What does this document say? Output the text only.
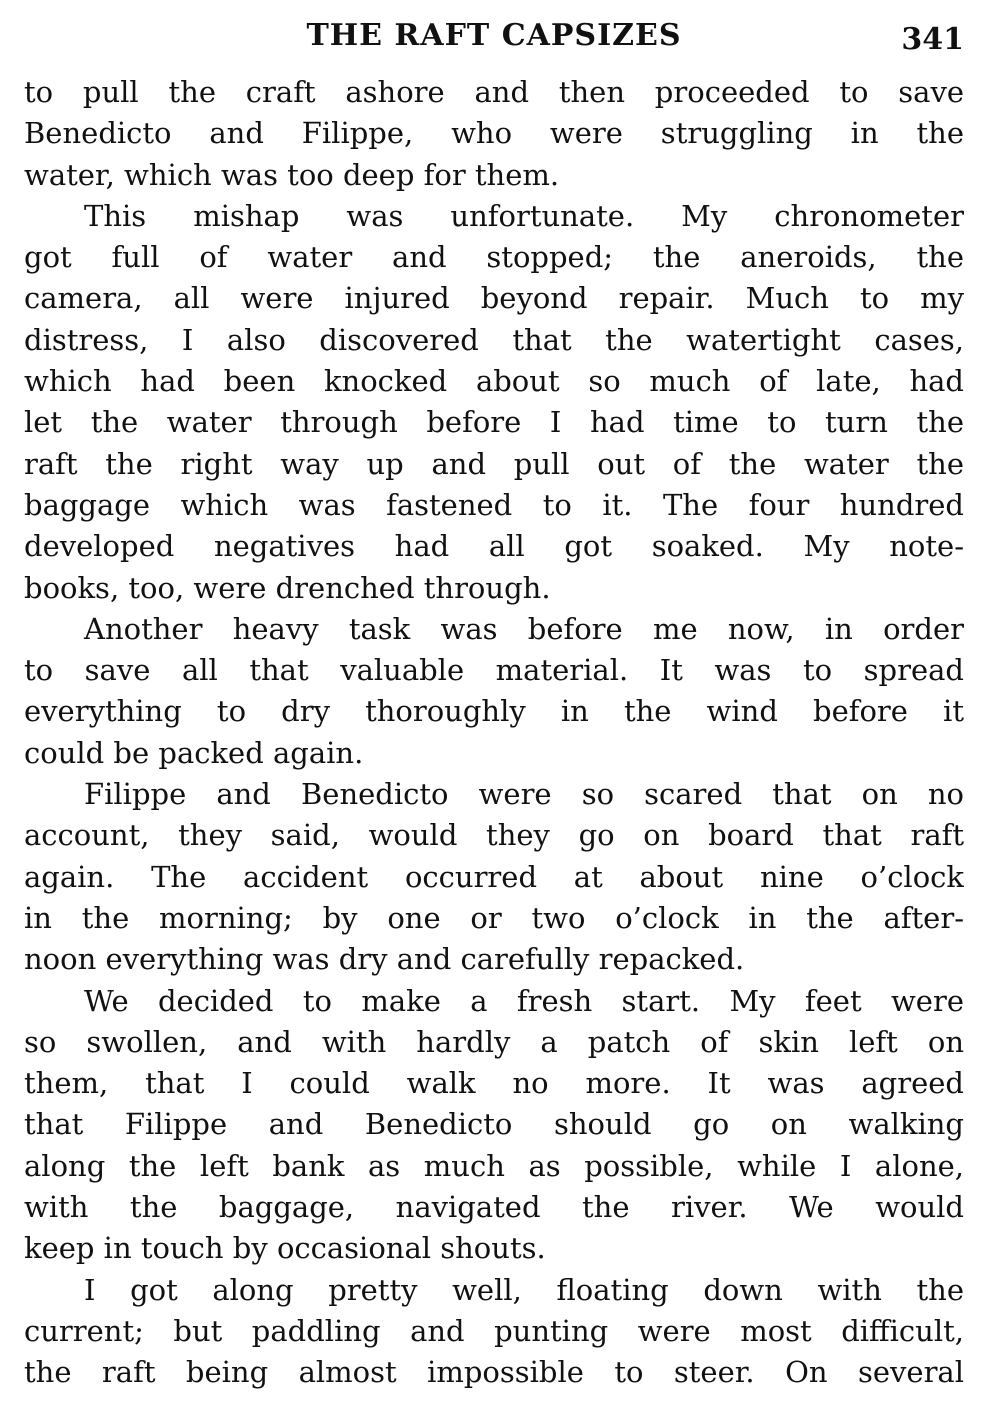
THE RAFT CAPSIZES	341
to pull the craft ashore and then proceeded to save
Benedicto and Filippe, who were struggling in the
water, which was too deep for them.
This mishap was unfortunate. My chronometer
got full of water and stopped; the aneroids, the
camera, all were injured beyond repair. Much to my
distress, I also discovered that the watertight cases,
which had been knocked about so much of late, had
let the water through before I had time to turn the
raft the right way up and pull out of the water the
baggage which was fastened to it. The four hundred
developed negatives had all got soaked. My note-
books, too, were drenched through.
Another heavy task was before me now, in order
to save all that valuable material. It was to spread
everything to dry thoroughly in the wind before it
could be packed again.
Filippe and Benedicto were so scared that on no
account, they said, would they go on board that raft
again. The accident occurred at about nine o’clock
in the morning; by one or two o’clock in the after-
noon everything was dry and carefully repacked.
We decided to make a fresh start. My feet were
so swollen, and with hardly a patch of skin left on
them, that I could walk no more. It was agreed
that Filippe and Benedicto should go on walking
along the left bank as much as possible, while I alone,
with the baggage, navigated the river. We would
keep in touch by occasional shouts.
I got along pretty well, floating down with the
current; but paddling and punting were most difficult,
the raft being almost impossible to steer. On several
